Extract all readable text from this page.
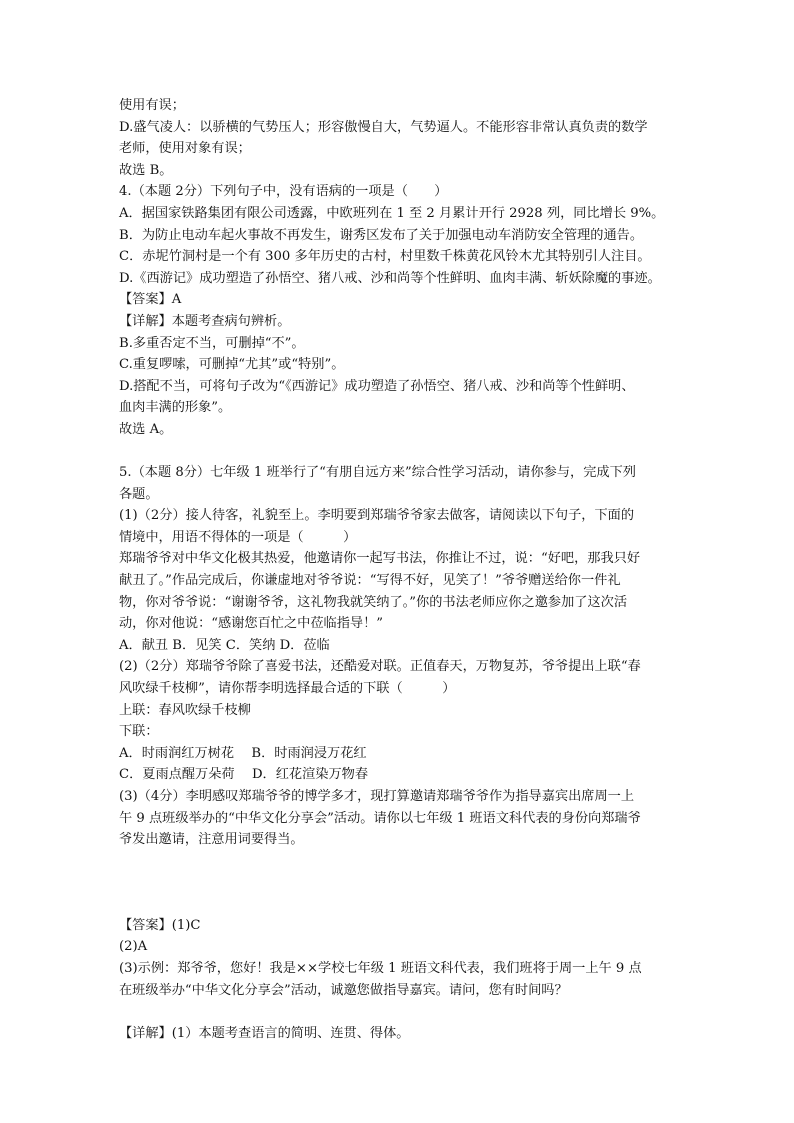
使用有误；
D.盛气凌人：以骄横的气势压人；形容傲慢自大，气势逼人。不能形容非常认真负责的数学
老师，使用对象有误；
故选 B。
4.（本题 2分）下列句子中，没有语病的一项是（　　）
A．据国家铁路集团有限公司透露，中欧班列在 1 至 2 月累计开行 2928 列，同比增长 9%。
B．为防止电动车起火事故不再发生，谢秀区发布了关于加强电动车消防安全管理的通告。
C．赤坭竹洞村是一个有 300 多年历史的古村，村里数千株黄花风铃木尤其特别引人注目。
D.《西游记》成功塑造了孙悟空、猪八戒、沙和尚等个性鲜明、血肉丰满、斩妖除魔的事迹。
【答案】A
【详解】本题考查病句辨析。
B.多重否定不当，可删掉“不”。
C.重复啰嗦，可删掉“尤其”或“特别”。
D.搭配不当，可将句子改为“《西游记》成功塑造了孙悟空、猪八戒、沙和尚等个性鲜明、
血肉丰满的形象”。
故选 A。
5.（本题 8分）七年级 1 班举行了“有朋自远方来”综合性学习活动，请你参与，完成下列
各题。
(1)（2分）接人待客，礼貌至上。李明要到郑瑞爷爷家去做客，请阅读以下句子，下面的
情境中，用语不得体的一项是（　　　）
郑瑞爷爷对中华文化极其热爱，他邀请你一起写书法，你推让不过，说：“好吧，那我只好
献丑了。”作品完成后，你谦虚地对爷爷说：“写得不好，见笑了！”爷爷赠送给你一件礼
物，你对爷爷说：“谢谢爷爷，这礼物我就笑纳了。”你的书法老师应你之邀参加了这次活
动，你对他说：“感谢您百忙之中莅临指导！”
A．献丑 B．见笑 C．笑纳 D．莅临
(2)（2分）郑瑞爷爷除了喜爱书法，还酷爱对联。正值春天，万物复苏，爷爷提出上联“春
风吹绿千枝柳”，请你帮李明选择最合适的下联（　　　）
上联：春风吹绿千枝柳
下联：
A．时雨润红万树花　 B．时雨润浸万花红
C．夏雨点醒万朵荷　 D．红花渲染万物春
(3)（4分）李明感叹郑瑞爷爷的博学多才，现打算邀请郑瑞爷爷作为指导嘉宾出席周一上
午 9 点班级举办的“中华文化分享会”活动。请你以七年级 1 班语文科代表的身份向郑瑞爷
爷发出邀请，注意用词要得当。
【答案】(1)C
(2)A
(3)示例：郑爷爷，您好！我是××学校七年级 1 班语文科代表，我们班将于周一上午 9 点
在班级举办“中华文化分享会”活动，诚邀您做指导嘉宾。请问，您有时间吗？
【详解】(1）本题考查语言的简明、连贯、得体。
